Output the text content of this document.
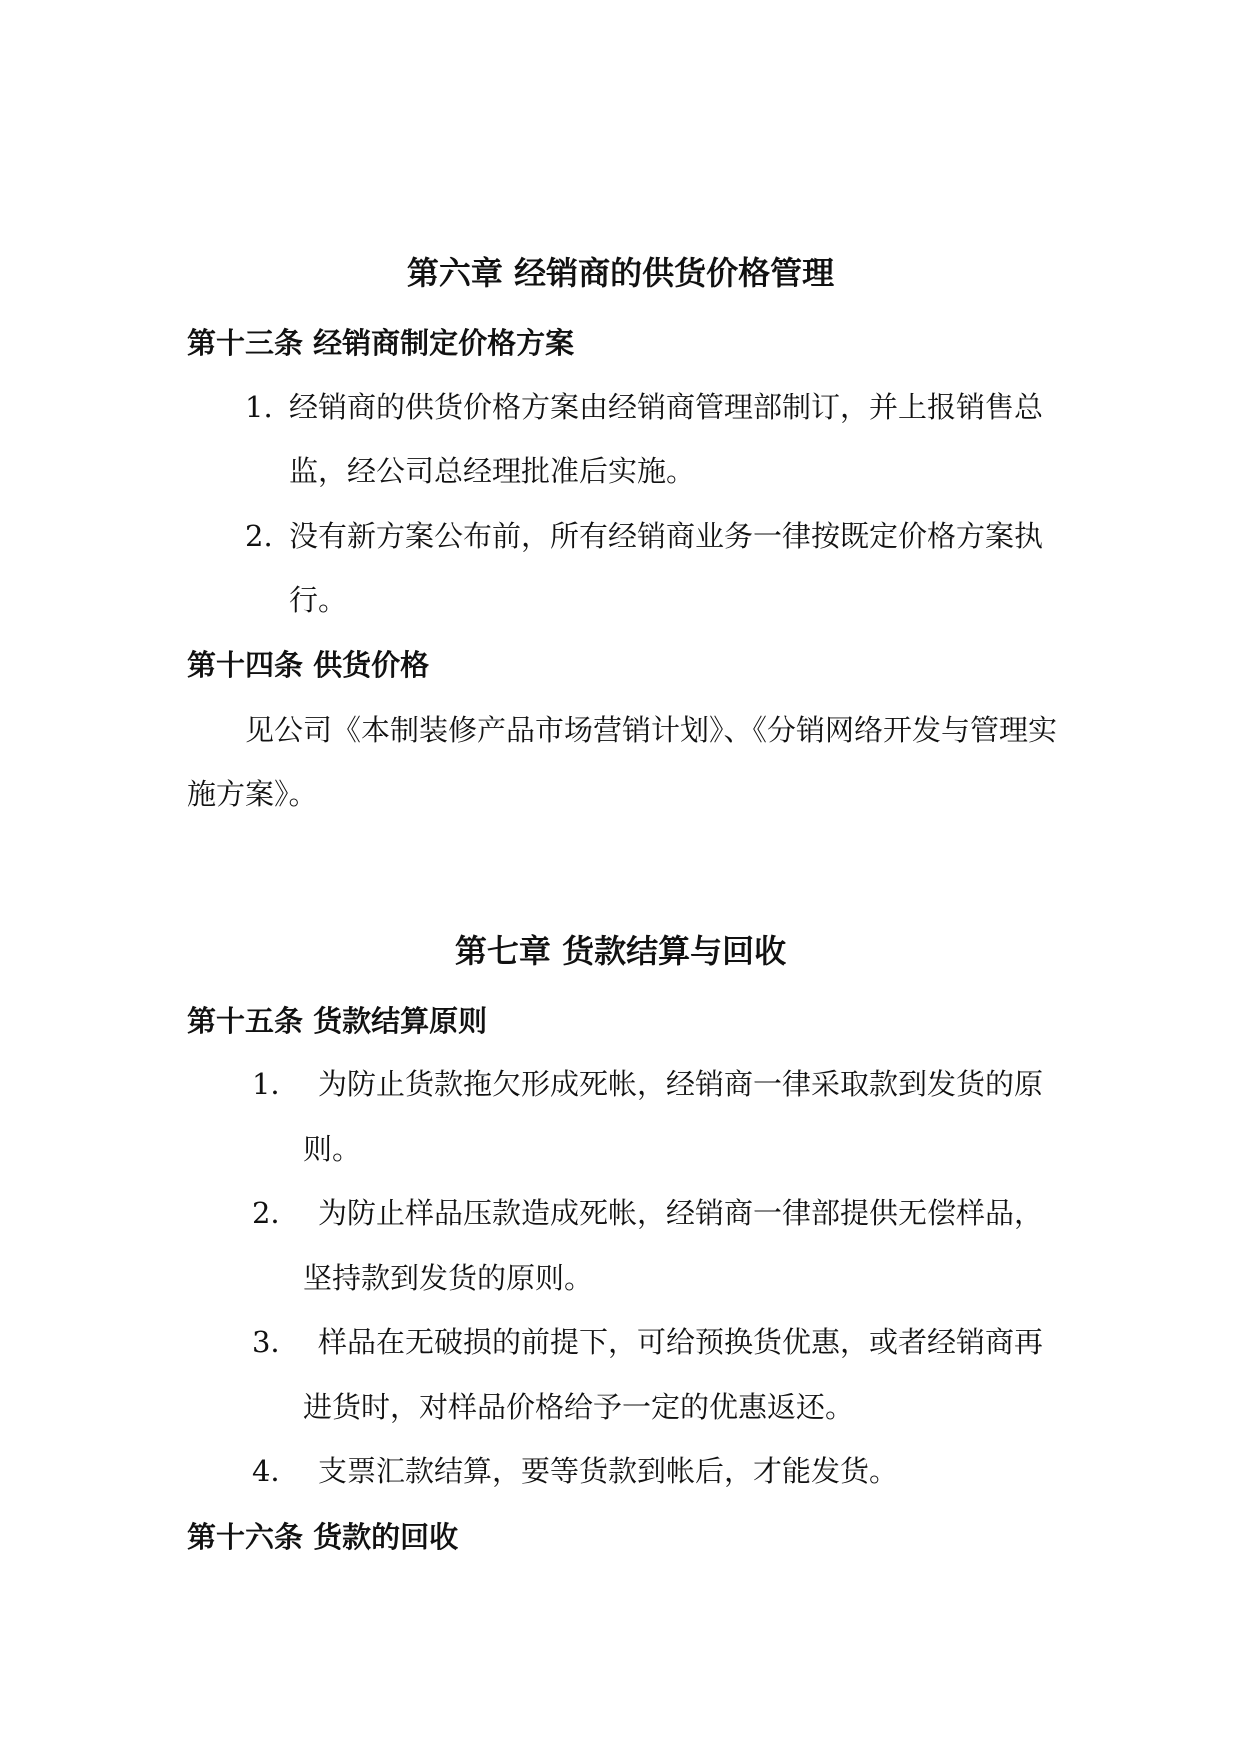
第六章 经销商的供货价格管理
第十三条 经销商制定价格方案
1. 经销商的供货价格方案由经销商管理部制订，并上报销售总
监，经公司总经理批准后实施。
2. 没有新方案公布前，所有经销商业务一律按既定价格方案执
行。
第十四条 供货价格
见公司《本制装修产品市场营销计划》、《分销网络开发与管理实
施方案》。
第七章 货款结算与回收
第十五条 货款结算原则
1． 为防止货款拖欠形成死帐，经销商一律采取款到发货的原
则。
2． 为防止样品压款造成死帐，经销商一律部提供无偿样品，
坚持款到发货的原则。
3． 样品在无破损的前提下，可给预换货优惠，或者经销商再
进货时，对样品价格给予一定的优惠返还。
4． 支票汇款结算，要等货款到帐后，才能发货。
第十六条 货款的回收
